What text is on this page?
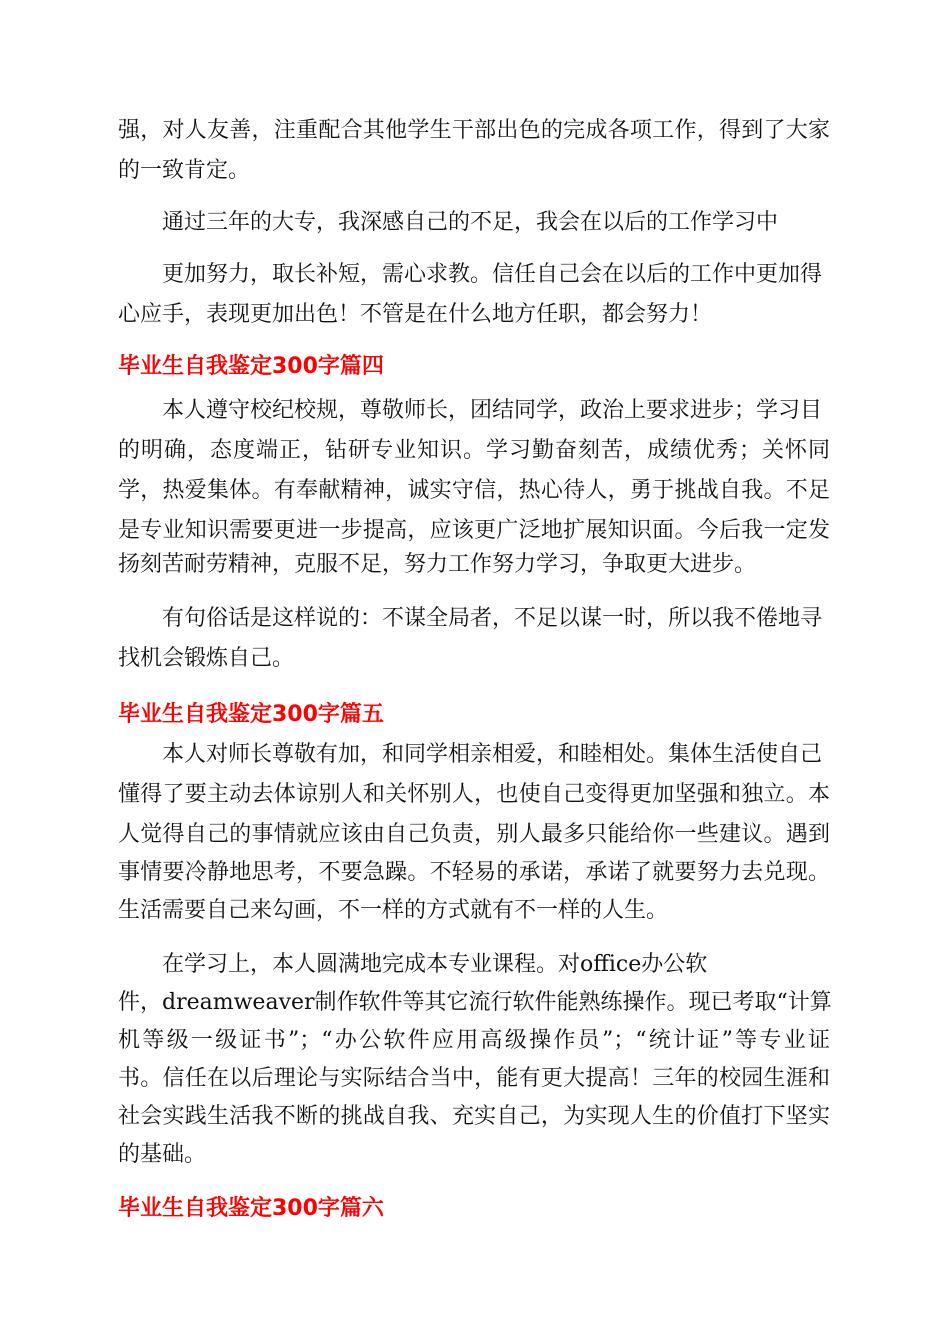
强，对人友善，注重配合其他学生干部出色的完成各项工作，得到了大家
的一致肯定。
通过三年的大专，我深感自己的不足，我会在以后的工作学习中
更加努力，取长补短，需心求教。信任自己会在以后的工作中更加得
心应手，表现更加出色！不管是在什么地方任职，都会努力！
毕业生自我鉴定300字篇四
本人遵守校纪校规，尊敬师长，团结同学，政治上要求进步；学习目
的明确，态度端正，钻研专业知识。学习勤奋刻苦，成绩优秀；关怀同
学，热爱集体。有奉献精神，诚实守信，热心待人，勇于挑战自我。不足
是专业知识需要更进一步提高，应该更广泛地扩展知识面。今后我一定发
扬刻苦耐劳精神，克服不足，努力工作努力学习，争取更大进步。
有句俗话是这样说的：不谋全局者，不足以谋一时，所以我不倦地寻
找机会锻炼自己。
毕业生自我鉴定300字篇五
本人对师长尊敬有加，和同学相亲相爱，和睦相处。集体生活使自己
懂得了要主动去体谅别人和关怀别人，也使自己变得更加坚强和独立。本
人觉得自己的事情就应该由自己负责，别人最多只能给你一些建议。遇到
事情要冷静地思考，不要急躁。不轻易的承诺，承诺了就要努力去兑现。
生活需要自己来勾画，不一样的方式就有不一样的人生。
在学习上，本人圆满地完成本专业课程。对office办公软
件，dreamweaver制作软件等其它流行软件能熟练操作。现已考取“计算
机等级一级证书”；“办公软件应用高级操作员”；“统计证”等专业证
书。信任在以后理论与实际结合当中，能有更大提高！三年的校园生涯和
社会实践生活我不断的挑战自我、充实自己，为实现人生的价值打下坚实
的基础。
毕业生自我鉴定300字篇六
